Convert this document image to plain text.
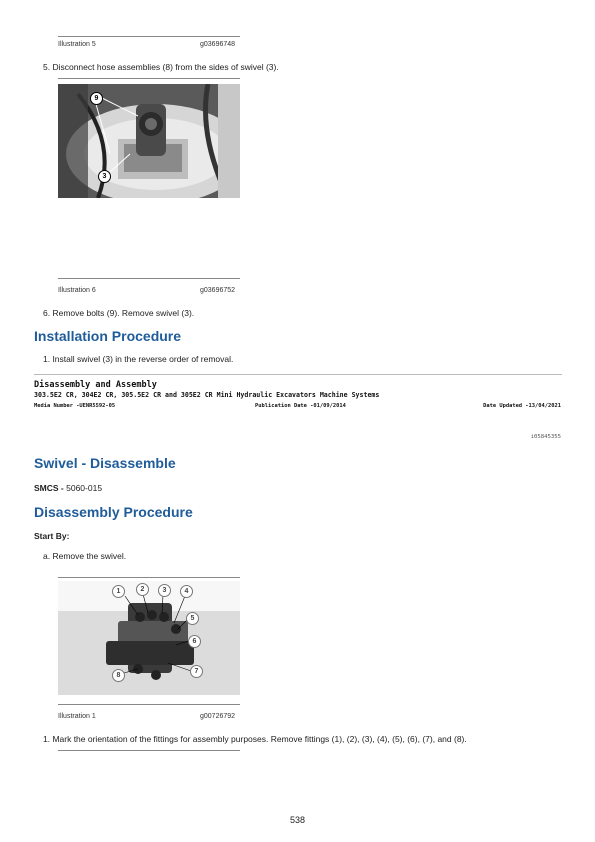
Illustration 5	g03696748
5. Disconnect hose assemblies (8) from the sides of swivel (3).
9
3
Illustration 6	g03696752
6. Remove bolts (9). Remove swivel (3).
Installation Procedure
1. Install swivel (3) in the reverse order of removal.
Disassembly and Assembly
303.5E2 CR, 304E2 CR, 305.5E2 CR and 305E2 CR Mini Hydraulic Excavators Machine Systems
Media Number -UENR5592-05	Publication Date -01/09/2014	Date Updated -13/04/2021
i05845355
Swivel - Disassemble
SMCS - 5060-015
Disassembly Procedure
Start By:
a. Remove the swivel.
1	2	3	4
5
6
7
8
Illustration 1	g00726792
1. Mark the orientation of the fittings for assembly purposes. Remove fittings (1), (2), (3), (4), (5), (6), (7), and (8).
538
